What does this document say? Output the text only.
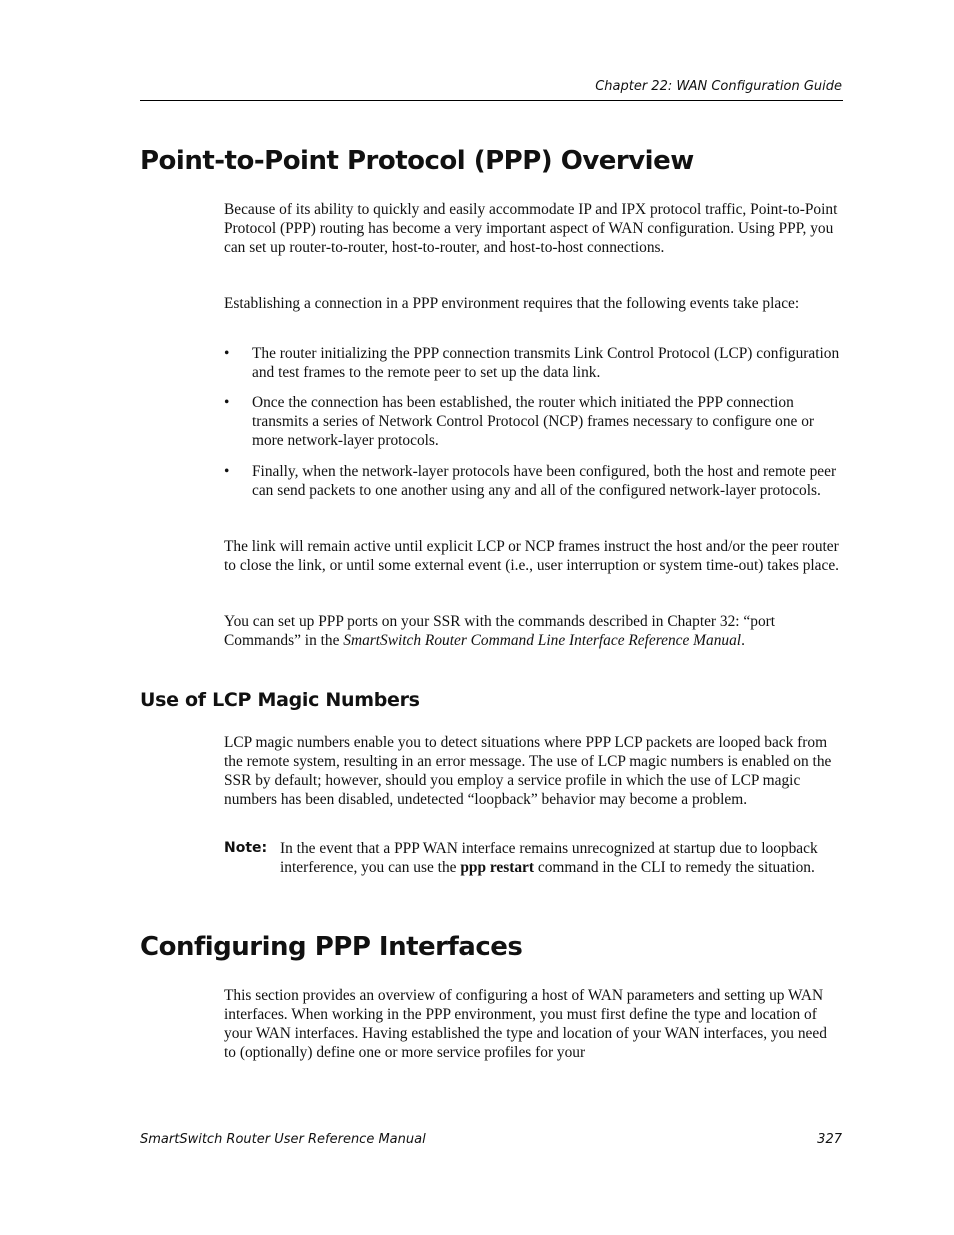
Chapter 22: WAN Configuration Guide
Point-to-Point Protocol (PPP) Overview

Because of its ability to quickly and easily accommodate IP and IPX protocol traffic, Point-to-Point Protocol (PPP) routing has become a very important aspect of WAN configuration. Using PPP, you can set up router-to-router, host-to-router, and host-to-host connections.

Establishing a connection in a PPP environment requires that the following events take place:

• The router initializing the PPP connection transmits Link Control Protocol (LCP) configuration and test frames to the remote peer to set up the data link.
• Once the connection has been established, the router which initiated the PPP connection transmits a series of Network Control Protocol (NCP) frames necessary to configure one or more network-layer protocols.
• Finally, when the network-layer protocols have been configured, both the host and remote peer can send packets to one another using any and all of the configured network-layer protocols.

The link will remain active until explicit LCP or NCP frames instruct the host and/or the peer router to close the link, or until some external event (i.e., user interruption or system time-out) takes place.

You can set up PPP ports on your SSR with the commands described in Chapter 32: “port Commands” in the SmartSwitch Router Command Line Interface Reference Manual.

Use of LCP Magic Numbers

LCP magic numbers enable you to detect situations where PPP LCP packets are looped back from the remote system, resulting in an error message. The use of LCP magic numbers is enabled on the SSR by default; however, should you employ a service profile in which the use of LCP magic numbers has been disabled, undetected “loopback” behavior may become a problem.

Note: In the event that a PPP WAN interface remains unrecognized at startup due to loopback interference, you can use the ppp restart command in the CLI to remedy the situation.
Configuring PPP Interfaces

This section provides an overview of configuring a host of WAN parameters and setting up WAN interfaces. When working in the PPP environment, you must first define the type and location of your WAN interfaces. Having established the type and location of your WAN interfaces, you need to (optionally) define one or more service profiles for your

SmartSwitch Router User Reference Manual	327
